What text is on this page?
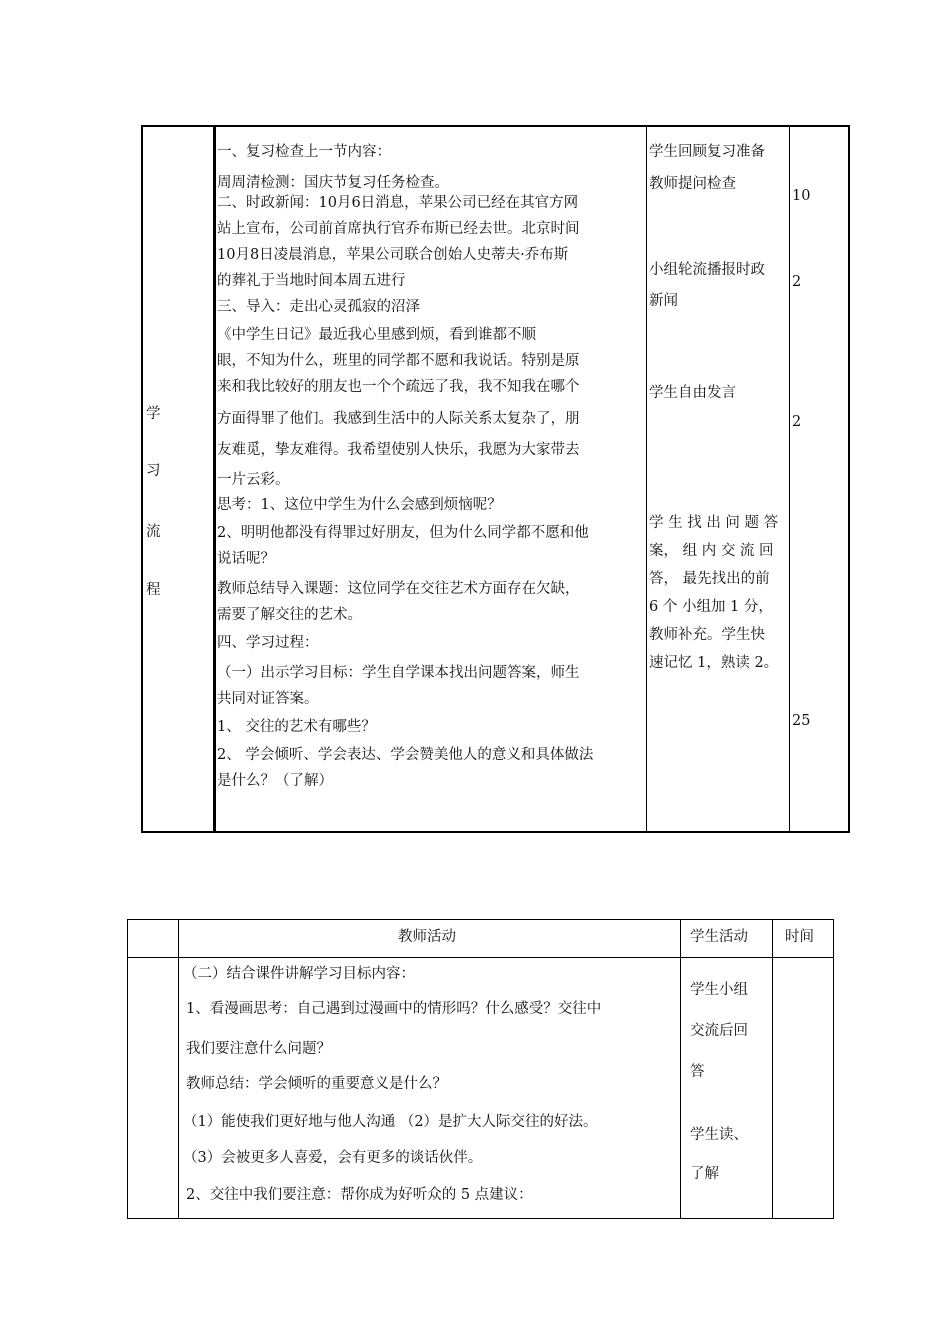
学
习
流
程
一、复习检查上一节内容：
周周清检测：国庆节复习任务检查。
二、时政新闻：10月6日消息，苹果公司已经在其官方网
站上宣布，公司前首席执行官乔布斯已经去世。北京时间
10月8日凌晨消息，苹果公司联合创始人史蒂夫·乔布斯
的葬礼于当地时间本周五进行
三、导入：走出心灵孤寂的沼泽
《中学生日记》最近我心里感到烦，看到谁都不顺
眼，不知为什么，班里的同学都不愿和我说话。特别是原
来和我比较好的朋友也一个个疏远了我，我不知我在哪个
方面得罪了他们。我感到生活中的人际关系太复杂了，朋
友难觅，挚友难得。我希望使别人快乐，我愿为大家带去
一片云彩。
思考：1、这位中学生为什么会感到烦恼呢？
2、明明他都没有得罪过好朋友，但为什么同学都不愿和他
说话呢？
教师总结导入课题：这位同学在交往艺术方面存在欠缺，
需要了解交往的艺术。
四、学习过程：
（一）出示学习目标：学生自学课本找出问题答案，师生
共同对证答案。
1、 交往的艺术有哪些？
2、 学会倾听、学会表达、学会赞美他人的意义和具体做法
是什么？（了解）
学生回顾复习准备
教师提问检查
小组轮流播报时政
新闻
学生自由发言
学 生 找 出 问 题 答
案， 组 内 交 流 回
答， 最先找出的前
6 个 小组加 1 分，
教师补充。学生快
速记忆 1，熟读 2。
10
2
2
25
教师活动	学生活动	时间
（二）结合课件讲解学习目标内容：
1、看漫画思考：自己遇到过漫画中的情形吗？什么感受？交往中
我们要注意什么问题？
教师总结：学会倾听的重要意义是什么？
（1）能使我们更好地与他人沟通 （2）是扩大人际交往的好法。
（3）会被更多人喜爱，会有更多的谈话伙伴。
2、交往中我们要注意：帮你成为好听众的 5 点建议：
学生小组
交流后回
答
学生读、
了解
